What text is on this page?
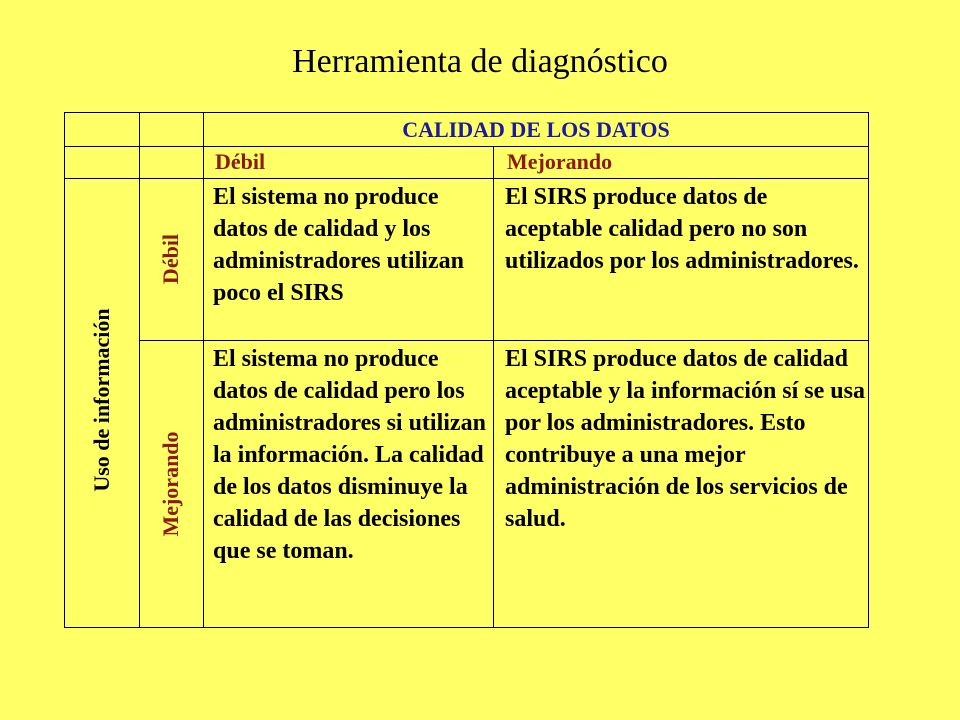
Herramienta de diagnóstico
CALIDAD DE LOS DATOS
Débil	Mejorando
Uso de información
Débil
Mejorando
El sistema no produce datos de calidad y los administradores utilizan poco el SIRS
El SIRS produce datos de aceptable calidad pero no son utilizados por los administradores.
El sistema no produce datos de calidad pero los administradores si utilizan la información. La calidad de los datos disminuye la calidad de las decisiones que se toman.
El SIRS produce datos de calidad aceptable y la información sí se usa por los administradores. Esto contribuye a una mejor administración de los servicios de salud.
